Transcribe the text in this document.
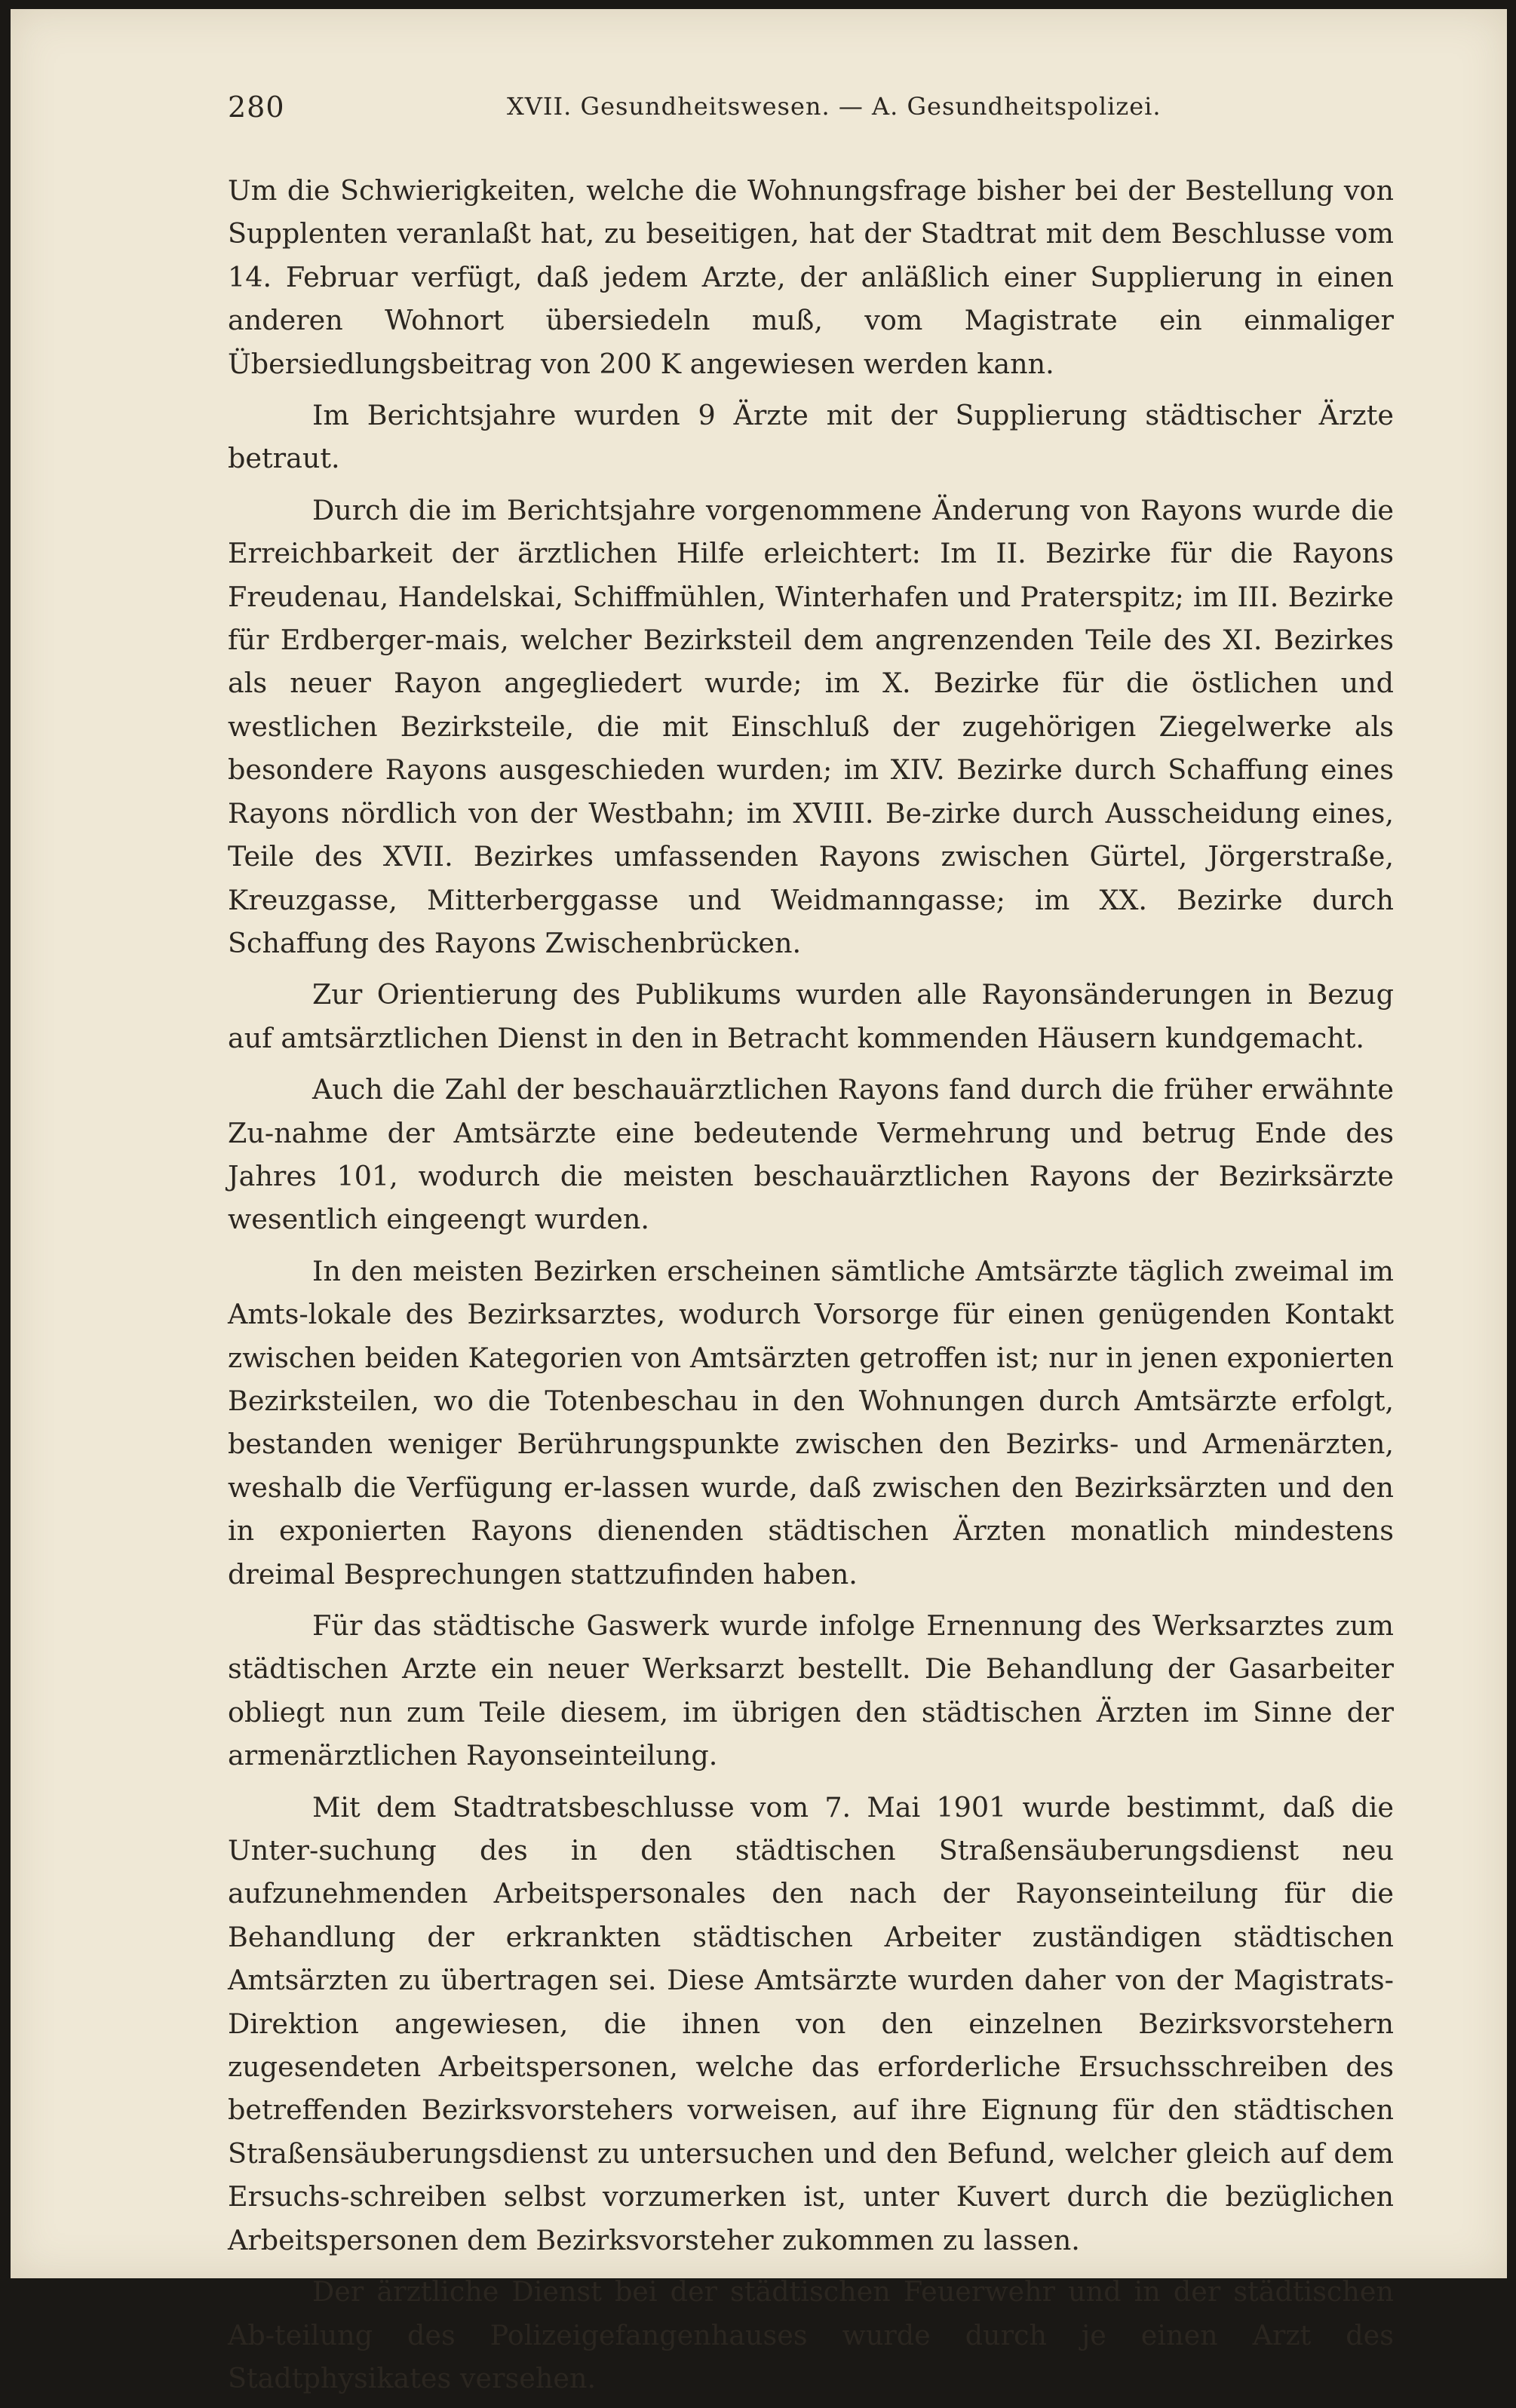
280	XVII. Gesundheitswesen. — A. Gesundheitspolizei.

Um die Schwierigkeiten, welche die Wohnungsfrage bisher bei der Bestellung von Supplenten veranlaßt hat, zu beseitigen, hat der Stadtrat mit dem Beschlusse vom 14. Februar verfügt, daß jedem Arzte, der anläßlich einer Supplierung in einen anderen Wohnort übersiedeln muß, vom Magistrate ein einmaliger Übersiedlungsbeitrag von 200 K angewiesen werden kann.

Im Berichtsjahre wurden 9 Ärzte mit der Supplierung städtischer Ärzte betraut.

Durch die im Berichtsjahre vorgenommene Änderung von Rayons wurde die Erreichbarkeit der ärztlichen Hilfe erleichtert: Im II. Bezirke für die Rayons Freudenau, Handelskai, Schiffmühlen, Winterhafen und Praterspitz; im III. Bezirke für Erdberger-mais, welcher Bezirksteil dem angrenzenden Teile des XI. Bezirkes als neuer Rayon angegliedert wurde; im X. Bezirke für die östlichen und westlichen Bezirksteile, die mit Einschluß der zugehörigen Ziegelwerke als besondere Rayons ausgeschieden wurden; im XIV. Bezirke durch Schaffung eines Rayons nördlich von der Westbahn; im XVIII. Be-zirke durch Ausscheidung eines, Teile des XVII. Bezirkes umfassenden Rayons zwischen Gürtel, Jörgerstraße, Kreuzgasse, Mitterberggasse und Weidmanngasse; im XX. Bezirke durch Schaffung des Rayons Zwischenbrücken.

Zur Orientierung des Publikums wurden alle Rayonsänderungen in Bezug auf amtsärztlichen Dienst in den in Betracht kommenden Häusern kundgemacht.

Auch die Zahl der beschauärztlichen Rayons fand durch die früher erwähnte Zu-nahme der Amtsärzte eine bedeutende Vermehrung und betrug Ende des Jahres 101, wodurch die meisten beschauärztlichen Rayons der Bezirksärzte wesentlich eingeengt wurden.

In den meisten Bezirken erscheinen sämtliche Amtsärzte täglich zweimal im Amts-lokale des Bezirksarztes, wodurch Vorsorge für einen genügenden Kontakt zwischen beiden Kategorien von Amtsärzten getroffen ist; nur in jenen exponierten Bezirksteilen, wo die Totenbeschau in den Wohnungen durch Amtsärzte erfolgt, bestanden weniger Berührungspunkte zwischen den Bezirks- und Armenärzten, weshalb die Verfügung er-lassen wurde, daß zwischen den Bezirksärzten und den in exponierten Rayons dienenden städtischen Ärzten monatlich mindestens dreimal Besprechungen stattzufinden haben.

Für das städtische Gaswerk wurde infolge Ernennung des Werksarztes zum städtischen Arzte ein neuer Werksarzt bestellt. Die Behandlung der Gasarbeiter obliegt nun zum Teile diesem, im übrigen den städtischen Ärzten im Sinne der armenärztlichen Rayonseinteilung.

Mit dem Stadtratsbeschlusse vom 7. Mai 1901 wurde bestimmt, daß die Unter-suchung des in den städtischen Straßensäuberungsdienst neu aufzunehmenden Arbeitspersonales den nach der Rayonseinteilung für die Behandlung der erkrankten städtischen Arbeiter zuständigen städtischen Amtsärzten zu übertragen sei. Diese Amtsärzte wurden daher von der Magistrats-Direktion angewiesen, die ihnen von den einzelnen Bezirksvorstehern zugesendeten Arbeitspersonen, welche das erforderliche Ersuchsschreiben des betreffenden Bezirksvorstehers vorweisen, auf ihre Eignung für den städtischen Straßensäuberungsdienst zu untersuchen und den Befund, welcher gleich auf dem Ersuchs-schreiben selbst vorzumerken ist, unter Kuvert durch die bezüglichen Arbeitspersonen dem Bezirksvorsteher zukommen zu lassen.

Der ärztliche Dienst bei der städtischen Feuerwehr und in der städtischen Ab-teilung des Polizeigefangenhauses wurde durch je einen Arzt des Stadtphysikates versehen.
